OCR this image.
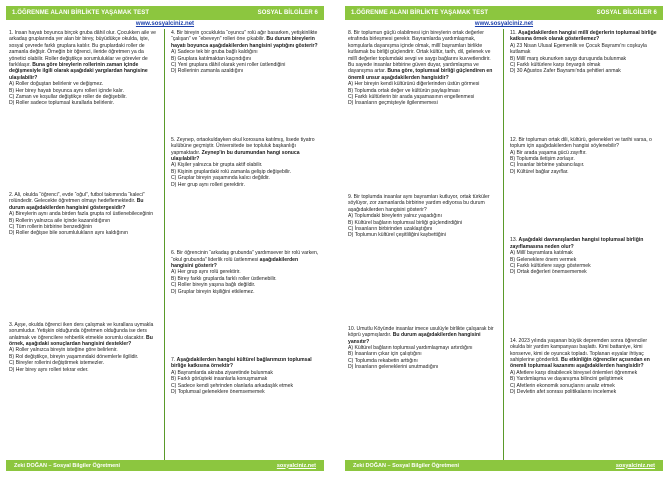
1.ÖĞRENME ALANI BİRLİKTE YAŞAMAK TEST	SOSYAL BİLGİLER 6
www.sosyalciniz.net

1. İnsan hayatı boyunca birçok gruba dâhil olur. Çocukken aile ve arkadaş gruplarında yer alan bir birey, büyüdükçe okulda, işte, sosyal çevrede farklı gruplara katılır. Bu gruplardaki roller de zamanla değişir. Örneğin bir öğrenci, ileride öğretmen ya da yönetici olabilir. Roller değiştikçe sorumluluklar ve görevler de farklılaşır. Buna göre bireylerin rollerinin zaman içinde değişmesiyle ilgili olarak aşağıdaki yargılardan hangisine ulaşılabilir?

A) Roller doğuştan belirlenir ve değişmez.

B) Her birey hayatı boyunca aynı rolleri içinde kalır.

C) Zaman ve koşullar değiştikçe roller de değişebilir.

D) Roller sadece toplumsal kurallarla belirlenir.

2. Ali, okulda “öğrenci”, evde “oğul”, futbol takımında “kaleci” rolündedir. Gelecekte öğretmen olmayı hedeflemektedir. Bu durum aşağıdakilerden hangisini göstergesidir?

A) Bireylerin aynı anda birden fazla grupta rol üstlenebileceğinin

B) Rollerin yalnızca aile içinde kazanıldığının

C) Tüm rollerin birbirine benzediğinin

D) Roller değişse bile sorumlulukların aynı kaldığının

3. Ayşe, okulda öğrenci iken ders çalışmak ve kurallara uymakla sorumludur. Yetişkin olduğunda öğretmen olduğunda ise ders anlatmak ve öğrencilere rehberlik etmekle sorumlu olacaktır. Bu örnek, aşağıdaki sonuçlardan hangisini destekler?

A) Roller yalnızca bireyin isteğine göre belirlenir.

B) Rol değiştikçe, bireyin yaşamındaki dönemlerle ilgilidir.

C) Bireyler rollerini değiştirmek istemezler.

D) Her birey aynı rolleri tekrar eder.

4. Bir bireyin çocuklukta “oyuncu” rolü ağır basarken, yetişkinlikte “çalışan” ve “ebeveyn” rolleri öne çıkabilir. Bu durum bireylerin hayatı boyunca aşağıdakilerden hangisini yaptığını gösterir?

A) Sadece tek bir gruba bağlı kaldığını

B) Gruplara katılmaktan kaçındığını

C) Yeni gruplara dâhil olarak yeni roller üstlendiğini

D) Rollerinin zamanla azaldığını

5. Zeynep, ortaokuldayken okul korosuna katılmış, lisede tiyatro kulübüne geçmiştir. Üniversitede ise topluluk başkanlığı yapmaktadır. Zeynep'in bu durumundan hangi sonuca ulaşılabilir?

A) Kişiler yalnızca bir grupta aktif olabilir.

B) Kişinin gruplardaki rolü zamanla gelişip değişebilir.

C) Gruplar bireyin yaşamında kalıcı değildir.

D) Her grup aynı rolleri gerektirir.

6. Bir öğrencinin “arkadaş grubunda” yardımsever bir rolü varken, “okul grubunda” liderlik rolü üstlenmesi aşağıdakilerden hangisini gösterir?

A) Her grup aynı rolü gerektirir.

B) Birey farklı gruplarda farklı roller üstlenebilir.

C) Roller bireyin yaşına bağlı değildir.

D) Gruplar bireyin kişiliğini etkilemez.

7. Aşağıdakilerden hangisi kültürel bağlarımızın toplumsal birliğe katkısına örnektir?

A) Bayramlarda akraba ziyaretinde bulunmak

B) Farklı görüşteki insanlarla konuşmamak

C) Sadece kendi şehrinden olanlarla arkadaşlık etmek

D) Toplumsal geleneklere önemsememek

Zeki DOĞAN – Sosyal Bilgiler Öğretmeni	sosyalciniz.net
1.ÖĞRENME ALANI BİRLİKTE YAŞAMAK TEST	SOSYAL BİLGİLER 6
www.sosyalciniz.net

8. Bir toplumun güçlü olabilmesi için bireylerin ortak değerler etrafında birleşmesi gerekir. Bayramlarda yardımlaşmak, komşularla dayanışma içinde olmak, millî bayramları birlikte kutlamak bu birliği güçlendirir. Ortak kültür, tarih, dil, gelenek ve millî değerler toplumdaki sevgi ve saygı bağlarını kuvvetlendirir. Bu sayede insanlar birbirine güven duyar, yardımlaşma ve dayanışma artar. Buna göre, toplumsal birliği güçlendiren en önemli unsur aşağıdakilerden hangisidir?

A) Her bireyin kendi kültürünü diğerlerinden üstün görmesi

B) Toplumda ortak değer ve kültürün paylaşılması

C) Farklı kültürlerin bir arada yaşamasının engellenmesi

D) İnsanların geçmişteyle ilgilenmemesi

9. Bir toplumda insanlar aynı bayramları kutluyor, ortak türküler söylüyor, zor zamanlarda birbirine yardım ediyorsa bu durum aşağıdakilerden hangisini gösterir?

A) Toplumdaki bireylerin yalnız yaşadığını

B) Kültürel bağların toplumsal birliği güçlendirdiğini

C) İnsanların birbirinden uzaklaştığını

D) Toplumun kültürel çeşitliliğini kaybettiğini

10. Umutlu Köyünde insanlar imece usulüyle birlikte çalışarak bir köprü yapmışlardır. Bu durum aşağıdakilerden hangisini yansıtır?

A) Kültürel bağların toplumsal yardımlaşmayı artırdığını

B) İnsanların çıkar için çalıştığını

C) Toplumda rekabetin arttığını

D) İnsanların geleneklerini unutmadığını

11. Aşağıdakilerden hangisi millî değerlerin toplumsal birliğe katkısına örnek olarak gösterilemez?

A) 23 Nisan Ulusal Egemenlik ve Çocuk Bayramı'nı coşkuyla kutlamak

B) Millî marş okunurken saygı duruşunda bulunmak

C) Farklı kültürlere karşı önyargılı olmak

D) 30 Ağustos Zafer Bayramı'nda şehitleri anmak

12. Bir toplumun ortak dili, kültürü, gelenekleri ve tarihi varsa, o toplum için aşağıdakilerden hangisi söylenebilir?

A) Bir arada yaşama gücü zayıftır.

B) Toplumda iletişim zorlaşır.

C) İnsanlar birbirine yabancılaşır.

D) Kültürel bağlar zayıflar.

13. Aşağıdaki davranışlardan hangisi toplumsal birliğin zayıflamasına neden olur?

A) Millî bayramlara katılmak

B) Geleneklere önem vermek

C) Farklı kültürlere saygı göstermek

D) Ortak değerleri önemsememek

14. 2023 yılında yaşanan büyük depremden sonra öğrenciler okulda bir yardım kampanyası başlattı. Kimi battaniye, kimi konserve, kimi de oyuncak topladı. Toplanan eşyalar ihtiyaç sahiplerine gönderildi. Bu etkinliğin öğrenciler açısından en önemli toplumsal kazanımı aşağıdakilerden hangisidir?

A) Afetlere karşı dirabilecek bireysel önlemleri öğrenmek

B) Yardımlaşma ve dayanışma bilincini geliştirmek

C) Afetlerin ekonomik sonuçlarını analiz etmek

D) Devletin afet sonrası politikalarını incelemek

Zeki DOĞAN – Sosyal Bilgiler Öğretmeni	sosyalciniz.net
